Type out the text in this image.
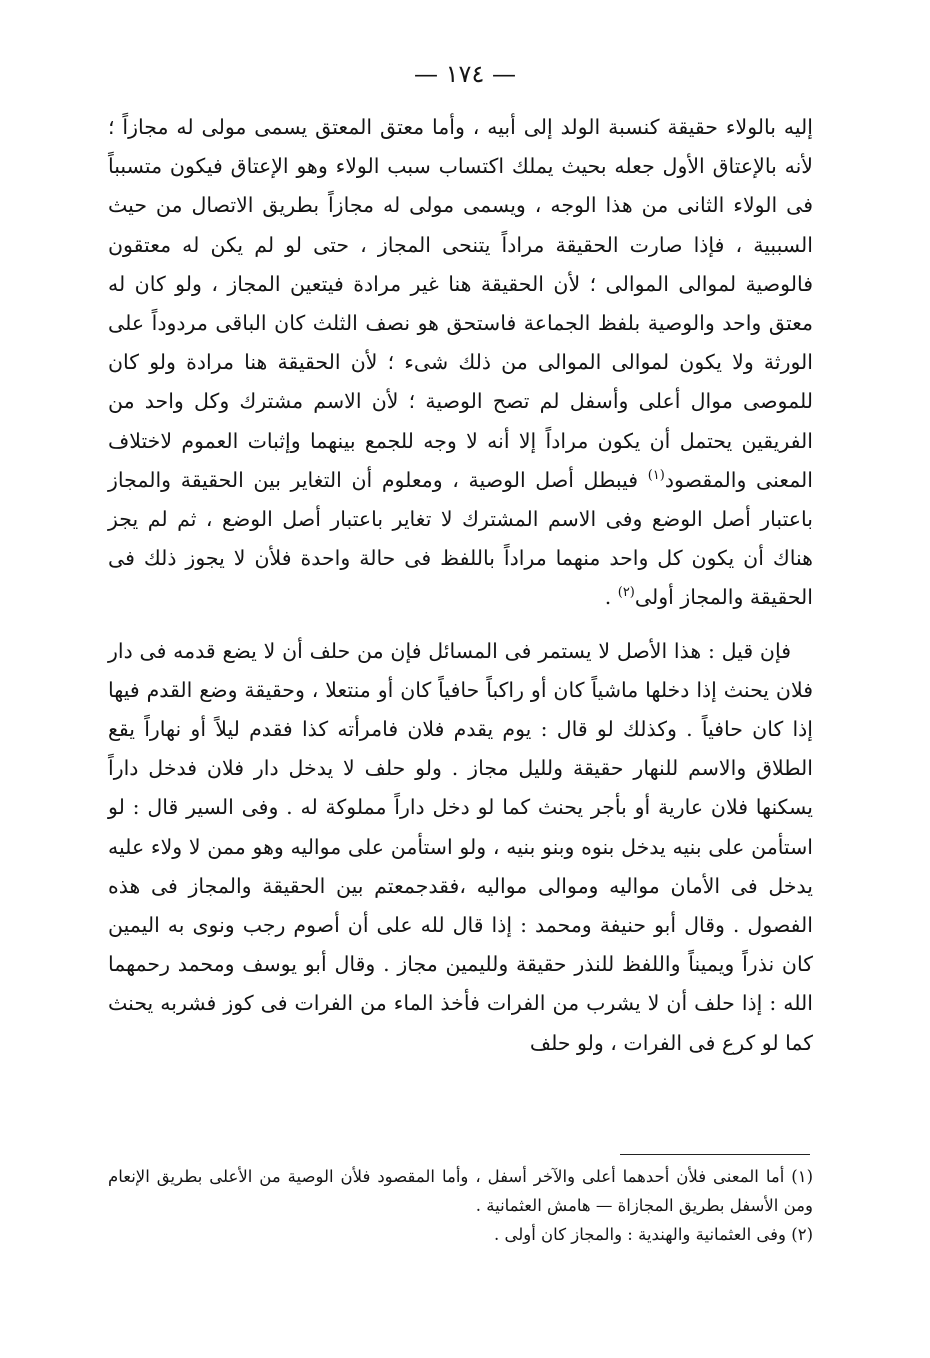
— ١٧٤ —

إليه بالولاء حقيقة كنسبة الولد إلى أبيه ، وأما معتق المعتق يسمى مولى له مجازاً ؛ لأنه بالإعتاق الأول جعله بحيث يملك اكتساب سبب الولاء وهو الإعتاق فيكون متسبباً فى الولاء الثانى من هذا الوجه ، ويسمى مولى له مجازاً بطريق الاتصال من حيث السببية ، فإذا صارت الحقيقة مراداً يتنحى المجاز ، حتى لو لم يكن له معتقون فالوصية لموالى الموالى ؛ لأن الحقيقة هنا غير مرادة فيتعين المجاز ، ولو كان له معتق واحد والوصية بلفظ الجماعة فاستحق هو نصف الثلث كان الباقى مردوداً على الورثة ولا يكون لموالى الموالى من ذلك شىء ؛ لأن الحقيقة هنا مرادة ولو كان للموصى موال أعلى وأسفل لم تصح الوصية ؛ لأن الاسم مشترك وكل واحد من الفريقين يحتمل أن يكون مراداً إلا أنه لا وجه للجمع بينهما وإثبات العموم لاختلاف المعنى والمقصود$^{(١)}$ فيبطل أصل الوصية ، ومعلوم أن التغاير بين الحقيقة والمجاز باعتبار أصل الوضع وفى الاسم المشترك لا تغاير باعتبار أصل الوضع ، ثم لم يجز هناك أن يكون كل واحد منهما مراداً باللفظ فى حالة واحدة فلأن لا يجوز ذلك فى الحقيقة والمجاز أولى$^{(٢)}$ .

فإن قيل : هذا الأصل لا يستمر فى المسائل فإن من حلف أن لا يضع قدمه فى دار فلان يحنث إذا دخلها ماشياً كان أو راكباً حافياً كان أو منتعلا ، وحقيقة وضع القدم فيها إذا كان حافياً . وكذلك لو قال : يوم يقدم فلان فامرأته كذا فقدم ليلاً أو نهاراً يقع الطلاق والاسم للنهار حقيقة ولليل مجاز . ولو حلف لا يدخل دار فلان فدخل داراً يسكنها فلان عارية أو بأجر يحنث كما لو دخل داراً مملوكة له . وفى السير قال : لو استأمن على بنيه يدخل بنوه وبنو بنيه ، ولو استأمن على مواليه وهو ممن لا ولاء عليه يدخل فى الأمان مواليه وموالى مواليه ،فقدجمعتم بين الحقيقة والمجاز فى هذه الفصول . وقال أبو حنيفة ومحمد : إذا قال لله على أن أصوم رجب ونوى به اليمين كان نذراً ويميناً واللفظ للنذر حقيقة ولليمين مجاز . وقال أبو يوسف ومحمد رحمهما الله : إذا حلف أن لا يشرب من الفرات فأخذ الماء من الفرات فى كوز فشربه يحنث كما لو كرع فى الفرات ، ولو حلف

(١) أما المعنى فلأن أحدهما أعلى والآخر أسفل ، وأما المقصود فلأن الوصية من الأعلى بطريق الإنعام ومن الأسفل بطريق المجازاة — هامش العثمانية .

(٢) وفى العثمانية والهندية : والمجاز كان أولى .
